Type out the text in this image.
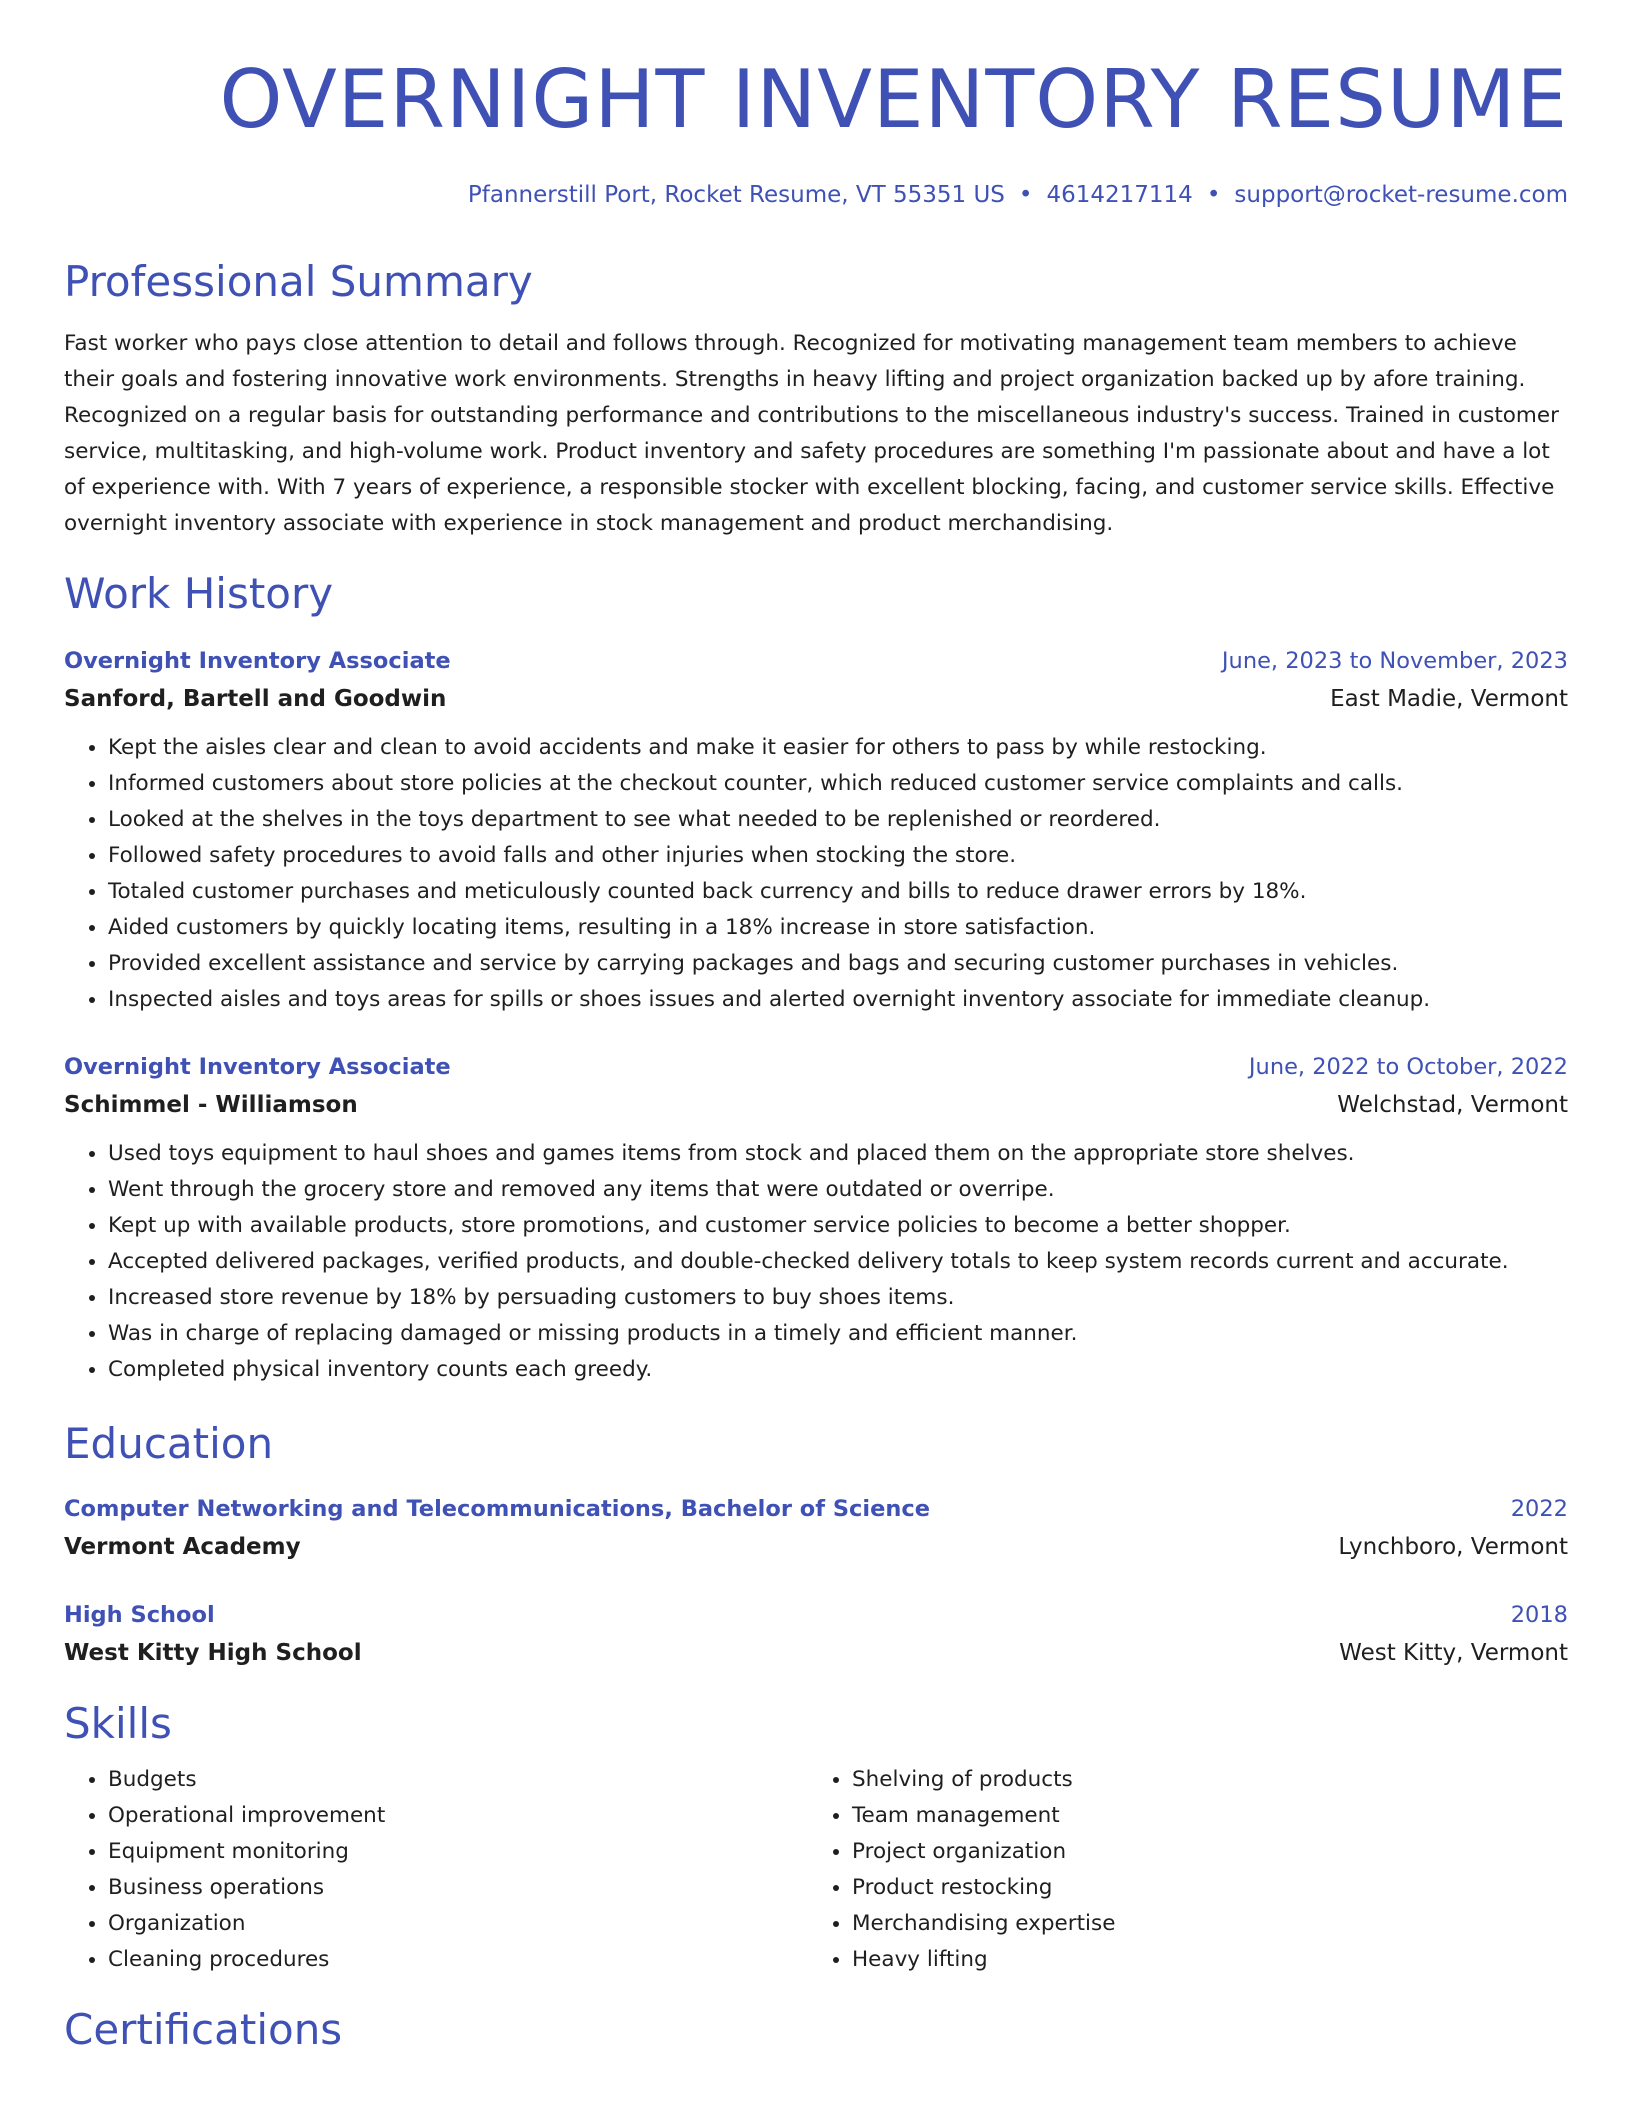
OVERNIGHT INVENTORY RESUME
Pfannerstill Port, Rocket Resume, VT 55351 US • 4614217114 • support@rocket-resume.com
Professional Summary
Fast worker who pays close attention to detail and follows through. Recognized for motivating management team members to achieve their goals and fostering innovative work environments. Strengths in heavy lifting and project organization backed up by afore training. Recognized on a regular basis for outstanding performance and contributions to the miscellaneous industry's success. Trained in customer service, multitasking, and high-volume work. Product inventory and safety procedures are something I'm passionate about and have a lot of experience with. With 7 years of experience, a responsible stocker with excellent blocking, facing, and customer service skills. Effective overnight inventory associate with experience in stock management and product merchandising.
Work History
Overnight Inventory Associate	June, 2023 to November, 2023
Sanford, Bartell and Goodwin	East Madie, Vermont
• Kept the aisles clear and clean to avoid accidents and make it easier for others to pass by while restocking.
• Informed customers about store policies at the checkout counter, which reduced customer service complaints and calls.
• Looked at the shelves in the toys department to see what needed to be replenished or reordered.
• Followed safety procedures to avoid falls and other injuries when stocking the store.
• Totaled customer purchases and meticulously counted back currency and bills to reduce drawer errors by 18%.
• Aided customers by quickly locating items, resulting in a 18% increase in store satisfaction.
• Provided excellent assistance and service by carrying packages and bags and securing customer purchases in vehicles.
• Inspected aisles and toys areas for spills or shoes issues and alerted overnight inventory associate for immediate cleanup.
Overnight Inventory Associate	June, 2022 to October, 2022
Schimmel - Williamson	Welchstad, Vermont
• Used toys equipment to haul shoes and games items from stock and placed them on the appropriate store shelves.
• Went through the grocery store and removed any items that were outdated or overripe.
• Kept up with available products, store promotions, and customer service policies to become a better shopper.
• Accepted delivered packages, verified products, and double-checked delivery totals to keep system records current and accurate.
• Increased store revenue by 18% by persuading customers to buy shoes items.
• Was in charge of replacing damaged or missing products in a timely and efficient manner.
• Completed physical inventory counts each greedy.
Education
Computer Networking and Telecommunications, Bachelor of Science	2022
Vermont Academy	Lynchboro, Vermont
High School	2018
West Kitty High School	West Kitty, Vermont
Skills
• Budgets
• Operational improvement
• Equipment monitoring
• Business operations
• Organization
• Cleaning procedures
• Shelving of products
• Team management
• Project organization
• Product restocking
• Merchandising expertise
• Heavy lifting
Certifications
